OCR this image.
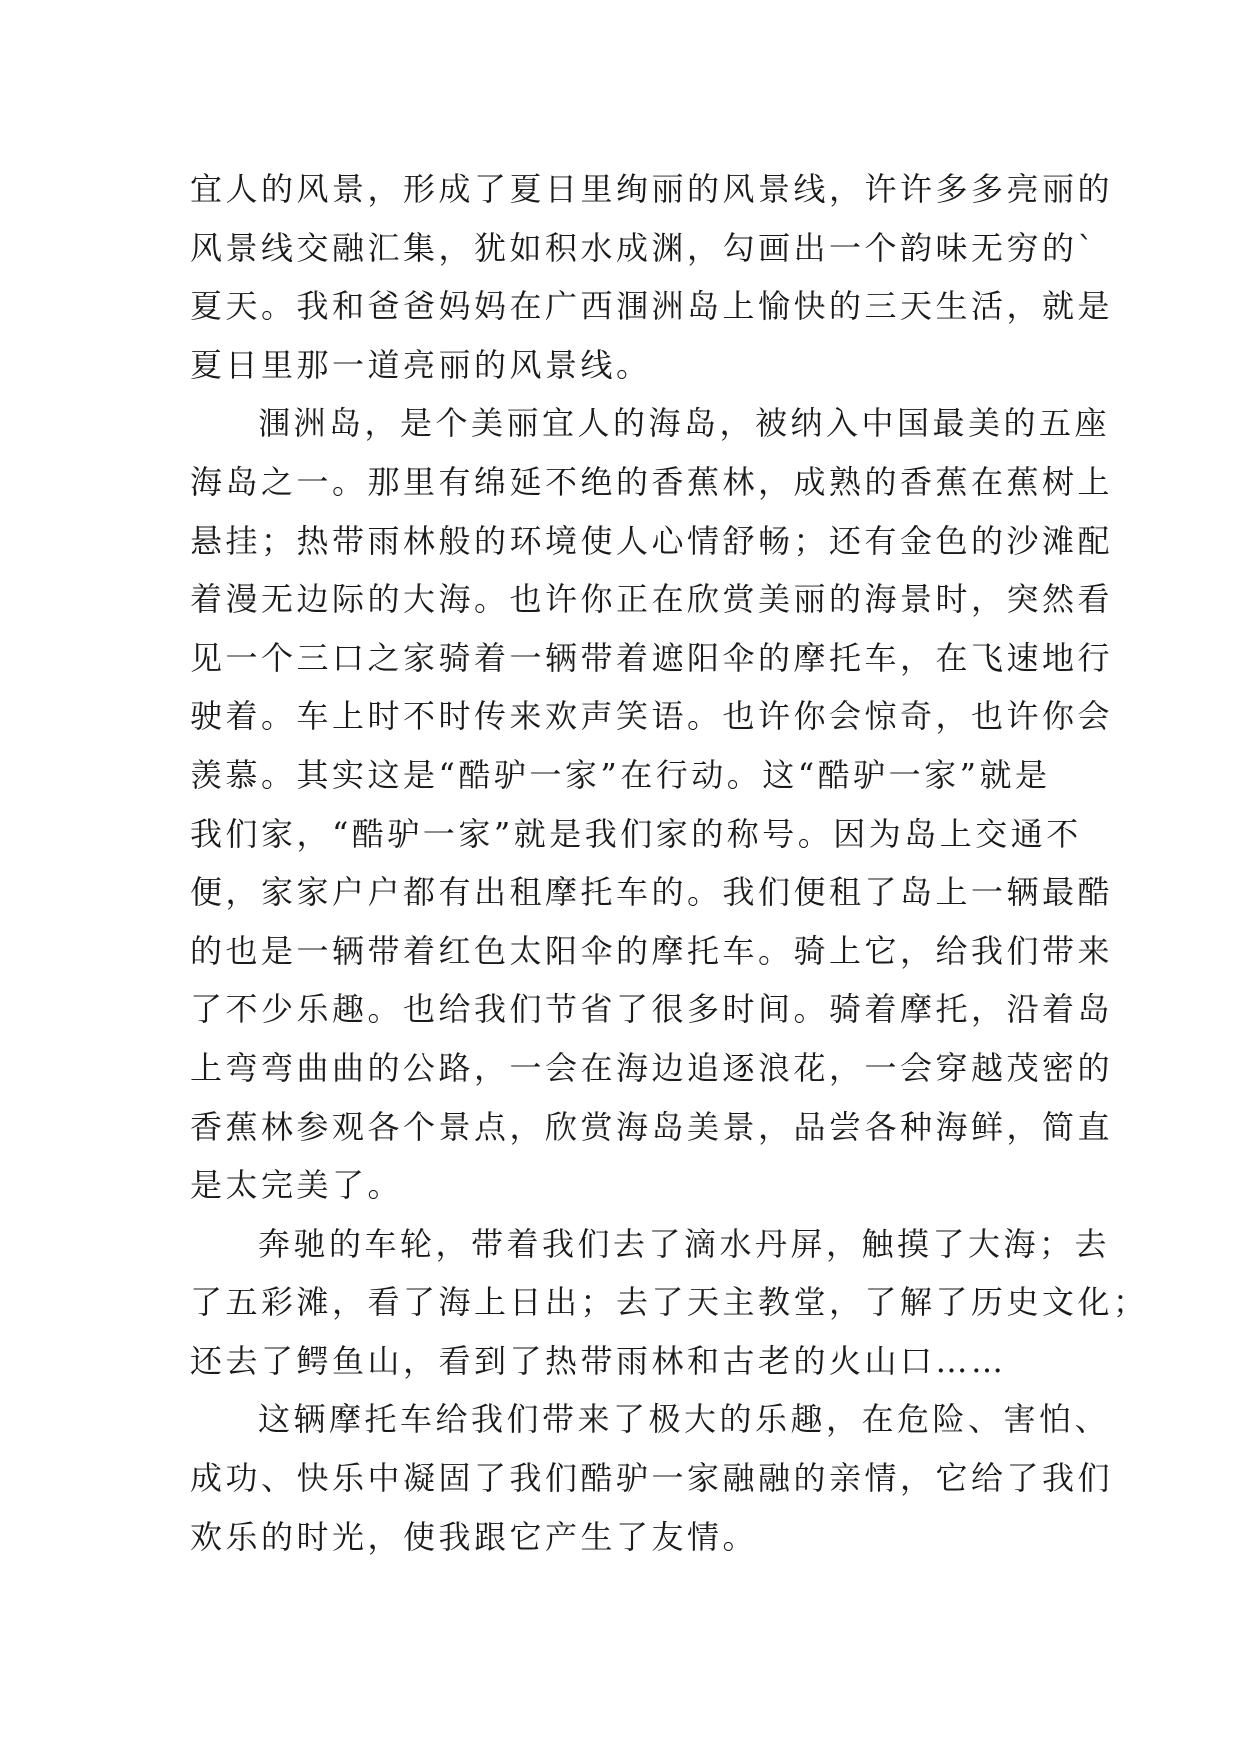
宜人的风景，形成了夏日里绚丽的风景线，许许多多亮丽的
风景线交融汇集，犹如积水成渊，勾画出一个韵味无穷的`
夏天。我和爸爸妈妈在广西涠洲岛上愉快的三天生活，就是
夏日里那一道亮丽的风景线。
涠洲岛，是个美丽宜人的海岛，被纳入中国最美的五座
海岛之一。那里有绵延不绝的香蕉林，成熟的香蕉在蕉树上
悬挂；热带雨林般的环境使人心情舒畅；还有金色的沙滩配
着漫无边际的大海。也许你正在欣赏美丽的海景时，突然看
见一个三口之家骑着一辆带着遮阳伞的摩托车，在飞速地行
驶着。车上时不时传来欢声笑语。也许你会惊奇，也许你会
羡慕。其实这是“酷驴一家”在行动。这“酷驴一家”就是
我们家，“酷驴一家”就是我们家的称号。因为岛上交通不
便，家家户户都有出租摩托车的。我们便租了岛上一辆最酷
的也是一辆带着红色太阳伞的摩托车。骑上它，给我们带来
了不少乐趣。也给我们节省了很多时间。骑着摩托，沿着岛
上弯弯曲曲的公路，一会在海边追逐浪花，一会穿越茂密的
香蕉林参观各个景点，欣赏海岛美景，品尝各种海鲜，简直
是太完美了。
奔驰的车轮，带着我们去了滴水丹屏，触摸了大海；去
了五彩滩，看了海上日出；去了天主教堂，了解了历史文化；
还去了鳄鱼山，看到了热带雨林和古老的火山口……
这辆摩托车给我们带来了极大的乐趣，在危险、害怕、
成功、快乐中凝固了我们酷驴一家融融的亲情，它给了我们
欢乐的时光，使我跟它产生了友情。
